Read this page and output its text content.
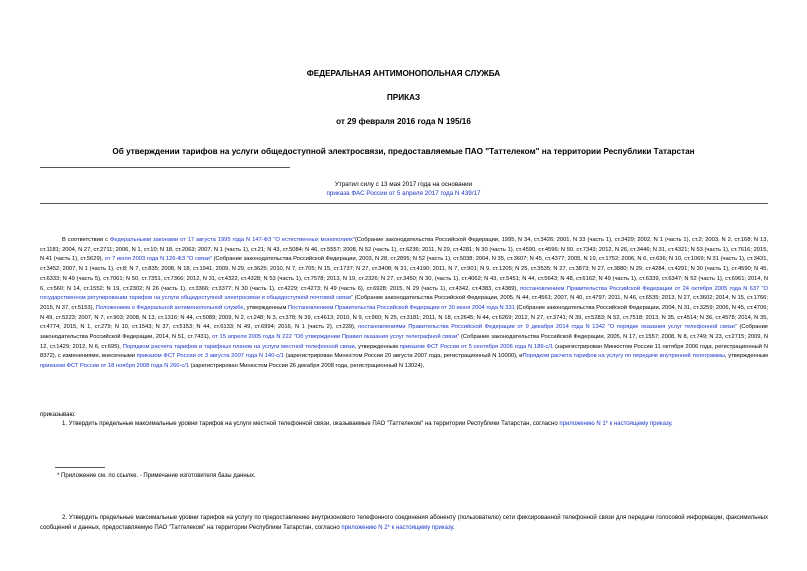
ФЕДЕРАЛЬНАЯ АНТИМОНОПОЛЬНАЯ СЛУЖБА
ПРИКАЗ
от 29 февраля 2016 года N 195/16
Об утверждении тарифов на услуги общедоступной электросвязи, предоставляемые ПАО "Таттелеком" на территории Республики Татарстан
Утратил силу с 13 мая 2017 года на основании
приказа ФАС России от 5 апреля 2017 года N 439/17
В соответствии с Федеральными законами от 17 августа 1995 года N 147-ФЗ "О естественных монополиях"(Собрание законодательства Российской Федерации, 1995, N 34, ст.3426; 2001, N 33 (часть 1), ст.3429; 2002, N 1 (часть 1), ст.2; 2003, N 2, ст.168; N 13, ст.1181; 2004, N 27, ст.2711; 2006, N 1, ст.10; N 18, ст.2063; 2007, N 1 (часть 1), ст.21; N 43, ст.5084; N 46, ст.5557; 2008, N 52 (часть 1), ст.6236; 2011, N 29, ст.4281; N 30 (часть 1), ст.4590, ст.4596; N 50, ст.7343; 2012, N 26, ст.3446; N 31, ст.4321; N 53 (часть 1), ст.7616; 2015, N 41 (часть 1), ст.5629), от 7 июля 2003 года N 126-ФЗ "О связи" (Собрание законодательства Российской Федерации, 2003, N 28, ст.2895; N 52 (часть 1), ст.5038; 2004, N 35, ст.3607; N 45, ст.4377; 2005, N 19, ст.1752; 2006, N 6, ст.636; N 10, ст.1069; N 31 (часть 1), ст.3431, ст.3452; 2007, N 1 (часть 1), ст.8; N 7, ст.835; 2008, N 18, ст.1941; 2009, N 29, ст.3625; 2010, N 7, ст.705; N 15, ст.1737; N 27, ст.3408; N 31, ст.4190; 2011, N 7, ст.901; N 9, ст.1205; N 25, ст.3535; N 27, ст.3873; N 27, ст.3880; N 29, ст.4284, ст.4291; N 30 (часть 1), ст.4590; N 45, ст.6333; N 49 (часть 5), ст.7061; N 50, ст.7351, ст.7366; 2012, N 31, ст.4322, ст.4328; N 53 (часть 1), ст.7578; 2013, N 19, ст.2326; N 27, ст.3450; N 30, (часть 1), ст.4062; N 43, ст.5451; N 44, ст.5643; N 48, ст.6162; N 49 (часть 1), ст.6339, ст.6347; N 52 (часть 1), ст.6961; 2014, N 6, ст.560; N 14, ст.1552; N 19, ст.2302; N 26 (часть 1), ст.3366; ст.3377; N 30 (часть 1), ст.4229; ст.4273; N 49 (часть 6), ст.6928; 2015, N 29 (часть 1), ст.4342, ст.4383, ст.4389), постановлением Правительства Российской Федерации от 24 октября 2005 года N 637 "О государственном регулировании тарифов на услуги общедоступной электросвязи и общедоступной почтовой связи" (Собрание законодательства Российской Федерации, 2005, N 44, ст.4561; 2007, N 40, ст.4797; 2011, N 46, ст.6535; 2013, N 27, ст.3602; 2014, N 15, ст.1766; 2015, N 37, ст.5153), Положением о Федеральной антимонопольной службе, утвержденным Постановлением Правительства Российской Федерации от 30 июня 2004 года N 331 (Собрание законодательства Российской Федерации, 2004, N 31, ст.3259; 2006, N 45, ст.4706; N 49, ст.5223; 2007, N 7, ст.903; 2008, N 13, ст.1316; N 44, ст.5089; 2009, N 2, ст.248; N 3, ст.378; N 39, ст.4613; 2010, N 9, ст.960; N 25, ст.3181; 2011, N 18, ст.2645; N 44, ст.6269; 2012, N 27, ст.3741; N 39, ст.5283; N 52, ст.7518; 2013, N 35, ст.4514; N 36, ст.4578; 2014, N 35, ст.4774; 2015, N 1, ст.279; N 10, ст.1543; N 37, ст.5153; N 44, ст.6133; N 49, ст.6994; 2016, N 1 (часть 2), ст.239), постановлениями Правительства Российской Федерации от 9 декабря 2014 года N 1342 "О порядке оказания услуг телефонной связи" (Собрание законодательства Российской Федерации, 2014, N 51, ст.7431), от 15 апреля 2005 года N 222 "Об утверждении Правил оказания услуг телеграфной связи" (Собрание законодательства Российской Федерации, 2005, N 17, ст.1557; 2008, N 8, ст.749; N 23, ст.2715; 2009, N 12, ст.1429; 2012, N 6, ст.695), Порядком расчета тарифов и тарифных планов на услуги местной телефонной связи, утвержденным приказом ФСТ России от 5 сентября 2006 года N 189-с/1 (зарегистрирован Минюстом России 11 октября 2006 года, регистрационный N 8372), с изменениями, внесенными приказом ФСТ России от 3 августа 2007 года N 140-с/1 (зарегистрирован Минюстом России 20 августа 2007 года, регистрационный N 10000), иПорядком расчета тарифов на услугу по передаче внутренней телеграммы, утвержденным приказом ФСТ России от 18 ноября 2008 года N 260-с/1 (зарегистрирован Минюстом России 26 декабря 2008 года, регистрационный N 13024),
приказываю:
1. Утвердить предельные максимальные уровни тарифов на услуги местной телефонной связи, оказываемые ПАО "Таттелеком" на территории Республики Татарстан, согласно приложению N 1* к настоящему приказу.
* Приложение см. по ссылке. - Примечание изготовителя базы данных.
2. Утвердить предельные максимальные уровни тарифов на услугу по предоставлению внутризонового телефонного соединения абоненту (пользователю) сети фиксированной телефонной связи для передачи голосовой информации, факсимильных сообщений и данных, предоставляемую ПАО "Таттелеком" на территории Республики Татарстан, согласно приложению N 2* к настоящему приказу.
